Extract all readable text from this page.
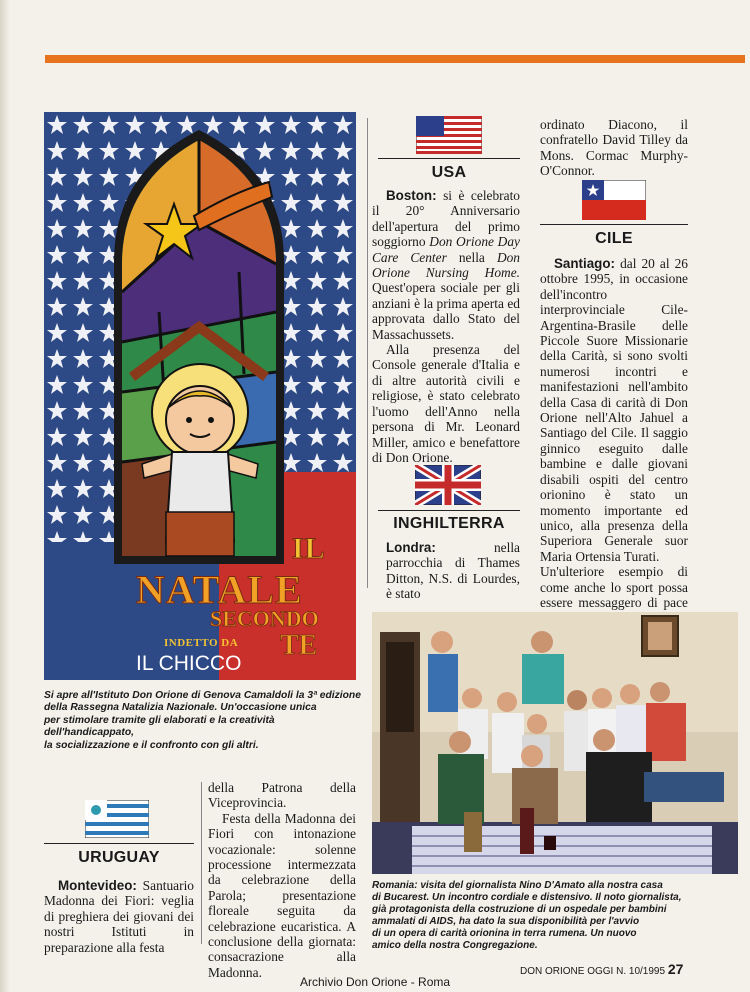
IL
NATALE
SECONDO
TE
INDETTO DA
IL CHICCO
Si apre all'Istituto Don Orione di Genova Camaldoli la 3ª edizione
della Rassegna Natalizia Nazionale. Un'occasione unica
per stimolare tramite gli elaborati e la creatività dell'handicappato,
la socializzazione e il confronto con gli altri.
USA

Boston: si è celebrato il 20° Anniversario dell'apertura del primo soggiorno Don Orione Day Care Center nella Don Orione Nursing Home. Quest'opera sociale per gli anziani è la prima aperta ed approvata dallo Stato del Massachussets.

Alla presenza del Console generale d'Italia e di altre autorità civili e religiose, è stato celebrato l'uomo dell'Anno nella persona di Mr. Leonard Miller, amico e benefattore di Don Orione.

INGHILTERRA

Londra:	nella parrocchia di Thames Ditton, N.S. di Lourdes, è stato

ordinato Diacono, il confratello David Tilley da Mons. Cormac Murphy-O'Connor.
CILE

Santiago: dal 20 al 26 ottobre 1995, in occasione dell'incontro interprovinciale Cile-Argentina-Brasile delle Piccole Suore Missionarie della Carità, si sono svolti numerosi incontri e manifestazioni nell'ambito della Casa di carità di Don Orione nell'Alto Jahuel a Santiago del Cile. Il saggio ginnico eseguito dalle bambine e dalle giovani disabili ospiti del centro orionino è stato un momento importante ed unico, alla presenza della Superiora Generale suor Maria Ortensia Turati.

Un'ulteriore esempio di come anche lo sport possa essere messaggero di pace

Romania: visita del giornalista Nino D'Amato alla nostra casa
di Bucarest. Un incontro cordiale e distensivo. Il noto giornalista,
già protagonista della costruzione di un ospedale per bambini
ammalati di AIDS, ha dato la sua disponibilità per l'avvio
di un opera di carità orionina in terra rumena. Un nuovo
amico della nostra Congregazione.
URUGUAY

Montevideo: Santuario Madonna dei Fiori: veglia di preghiera dei giovani dei nostri Istituti in preparazione alla festa

della Patrona della Viceprovincia.

Festa della Madonna dei Fiori con intonazione vocazionale: solenne processione intermezzata da celebrazione della Parola; presentazione floreale seguita da celebrazione eucaristica. A conclusione della giornata: consacrazione alla Madonna.	DON ORIONE OGGI N. 10/1995 27
Archivio Don Orione - Roma
